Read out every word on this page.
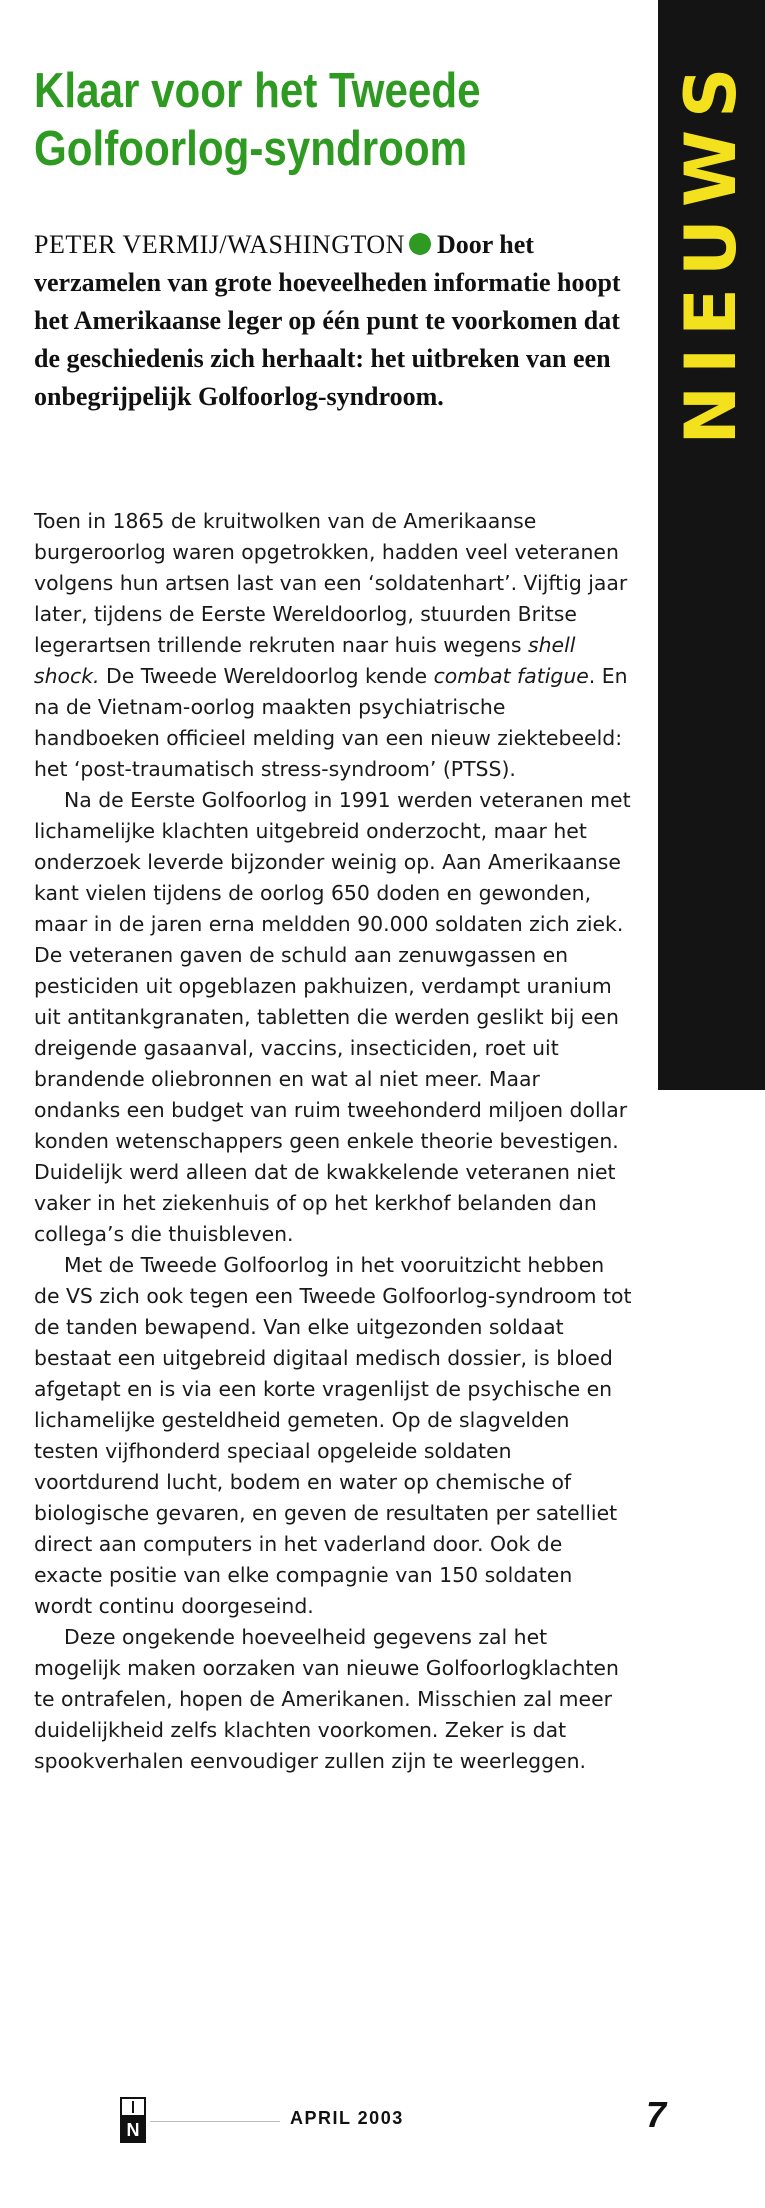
Klaar voor het Tweede
Golfoorlog-syndroom
PETER VERMIJ/WASHINGTON Door het verzamelen van grote hoeveelheden informatie hoopt het Amerikaanse leger op één punt te voorkomen dat de geschiedenis zich herhaalt: het uitbreken van een onbegrijpelijk Golfoorlog-syndroom.

Toen in 1865 de kruitwolken van de Amerikaanse burgeroorlog waren opgetrokken, hadden veel veteranen volgens hun artsen last van een ‘soldatenhart’. Vijftig jaar later, tijdens de Eerste Wereldoorlog, stuurden Britse legerartsen trillende rekruten naar huis wegens shell shock. De Tweede Wereldoorlog kende combat fatigue. En na de Vietnam-oorlog maakten psychiatrische handboeken officieel melding van een nieuw ziektebeeld: het ‘post-traumatisch stress-syndroom’ (PTSS).

Na de Eerste Golfoorlog in 1991 werden veteranen met lichamelijke klachten uitgebreid onderzocht, maar het onderzoek leverde bijzonder weinig op. Aan Amerikaanse kant vielen tijdens de oorlog 650 doden en gewonden, maar in de jaren erna meldden 90.000 soldaten zich ziek. De veteranen gaven de schuld aan zenuwgassen en pesticiden uit opgeblazen pakhuizen, verdampt uranium uit antitankgranaten, tabletten die werden geslikt bij een dreigende gasaanval, vaccins, insecticiden, roet uit brandende oliebronnen en wat al niet meer. Maar ondanks een budget van ruim tweehonderd miljoen dollar konden wetenschappers geen enkele theorie bevestigen. Duidelijk werd alleen dat de kwakkelende veteranen niet vaker in het ziekenhuis of op het kerkhof belanden dan collega’s die thuisbleven.

Met de Tweede Golfoorlog in het vooruitzicht hebben de VS zich ook tegen een Tweede Golfoorlog-syndroom tot de tanden bewapend. Van elke uitgezonden soldaat bestaat een uitgebreid digitaal medisch dossier, is bloed afgetapt en is via een korte vragenlijst de psychische en lichamelijke gesteldheid gemeten. Op de slagvelden testen vijfhonderd speciaal opgeleide soldaten voortdurend lucht, bodem en water op chemische of biologische gevaren, en geven de resultaten per satelliet direct aan computers in het vaderland door. Ook de exacte positie van elke compagnie van 150 soldaten wordt continu doorgeseind.

Deze ongekende hoeveelheid gegevens zal het mogelijk maken oorzaken van nieuwe Golfoorlogklachten te ontrafelen, hopen de Amerikanen. Misschien zal meer duidelijkheid zelfs klachten voorkomen. Zeker is dat spookverhalen eenvoudiger zullen zijn te weerleggen.

NIEUWS
N
APRIL 2003	7
